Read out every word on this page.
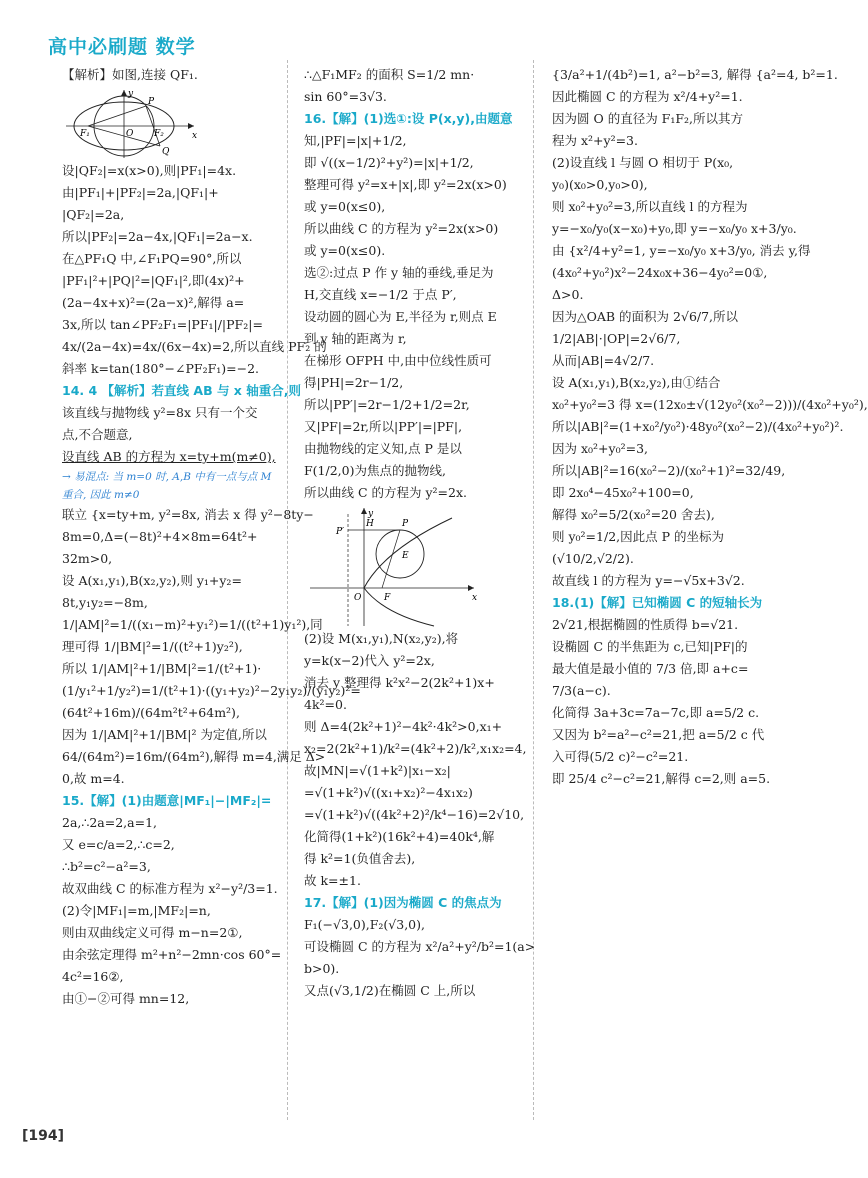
高中必刷题 数学
【解析】如图,连接 QF₁.
y
x
O
P
Q
F₁	F₂
设|QF₂|=x(x>0),则|PF₁|=4x.
由|PF₁|+|PF₂|=2a,|QF₁|+
|QF₂|=2a,
所以|PF₂|=2a−4x,|QF₁|=2a−x.
在△PF₁Q 中,∠F₁PQ=90°,所以
|PF₁|²+|PQ|²=|QF₁|²,即(4x)²+
(2a−4x+x)²=(2a−x)²,解得 a=
3x,所以 tan∠PF₂F₁=|PF₁|/|PF₂|=
4x/(2a−4x)=4x/(6x−4x)=2,所以直线 PF₂ 的
斜率 k=tan(180°−∠PF₂F₁)=−2.
14. 4 【解析】若直线 AB 与 x 轴重合,则
该直线与抛物线 y²=8x 只有一个交
点,不合题意,
设直线 AB 的方程为 x=ty+m(m≠0),
→ 易混点: 当 m=0 时, A,B 中有一点与点 M 重合, 因此 m≠0
联立 {x=ty+m, y²=8x, 消去 x 得 y²−8ty−
8m=0,Δ=(−8t)²+4×8m=64t²+
32m>0,
设 A(x₁,y₁),B(x₂,y₂),则 y₁+y₂=
8t,y₁y₂=−8m,
1/|AM|²=1/((x₁−m)²+y₁²)=1/((t²+1)y₁²),同
理可得 1/|BM|²=1/((t²+1)y₂²),
所以 1/|AM|²+1/|BM|²=1/(t²+1)·
(1/y₁²+1/y₂²)=1/(t²+1)·((y₁+y₂)²−2y₁y₂)/(y₁y₂)²=
(64t²+16m)/(64m²t²+64m²),
因为 1/|AM|²+1/|BM|² 为定值,所以
64/(64m²)=16m/(64m²),解得 m=4,满足 Δ>
0,故 m=4.
15.【解】(1)由题意|MF₁|−|MF₂|=
2a,∴2a=2,a=1,
又 e=c/a=2,∴c=2,
∴b²=c²−a²=3,
故双曲线 C 的标准方程为 x²−y²/3=1.
(2)令|MF₁|=m,|MF₂|=n,
则由双曲线定义可得 m−n=2①,
由余弦定理得 m²+n²−2mn·cos 60°=
4c²=16②,
由①−②可得 mn=12,
∴△F₁MF₂ 的面积 S=1/2 mn·
sin 60°=3√3.
16.【解】(1)选①:设 P(x,y),由题意
知,|PF|=|x|+1/2,
即 √((x−1/2)²+y²)=|x|+1/2,
整理可得 y²=x+|x|,即 y²=2x(x>0)
或 y=0(x≤0),
所以曲线 C 的方程为 y²=2x(x>0)
或 y=0(x≤0).
选②:过点 P 作 y 轴的垂线,垂足为
H,交直线 x=−1/2 于点 P′,
设动圆的圆心为 E,半径为 r,则点 E
到 y 轴的距离为 r,
在梯形 OFPH 中,由中位线性质可
得|PH|=2r−1/2,
所以|PP′|=2r−1/2+1/2=2r,
又|PF|=2r,所以|PP′|=|PF|,
由抛物线的定义知,点 P 是以
F(1/2,0)为焦点的抛物线,
所以曲线 C 的方程为 y²=2x.
y
x
O	F
H	P
P′
E
(2)设 M(x₁,y₁),N(x₂,y₂),将
y=k(x−2)代入 y²=2x,
消去 y 整理得 k²x²−2(2k²+1)x+
4k²=0.
则 Δ=4(2k²+1)²−4k²·4k²>0,x₁+
x₂=2(2k²+1)/k²=(4k²+2)/k²,x₁x₂=4,
故|MN|=√(1+k²)|x₁−x₂|
=√(1+k²)√((x₁+x₂)²−4x₁x₂)
=√(1+k²)√((4k²+2)²/k⁴−16)=2√10,
化简得(1+k²)(16k²+4)=40k⁴,解
得 k²=1(负值舍去),
故 k=±1.
17.【解】(1)因为椭圆 C 的焦点为
F₁(−√3,0),F₂(√3,0),
可设椭圆 C 的方程为 x²/a²+y²/b²=1(a>
b>0).
又点(√3,1/2)在椭圆 C 上,所以
{3/a²+1/(4b²)=1, a²−b²=3, 解得 {a²=4, b²=1.
因此椭圆 C 的方程为 x²/4+y²=1.
因为圆 O 的直径为 F₁F₂,所以其方
程为 x²+y²=3.
(2)设直线 l 与圆 O 相切于 P(x₀,
y₀)(x₀>0,y₀>0),
则 x₀²+y₀²=3,所以直线 l 的方程为
y=−x₀/y₀(x−x₀)+y₀,即 y=−x₀/y₀ x+3/y₀.
由 {x²/4+y²=1, y=−x₀/y₀ x+3/y₀, 消去 y,得
(4x₀²+y₀²)x²−24x₀x+36−4y₀²=0①,
Δ>0.
因为△OAB 的面积为 2√6/7,所以
1/2|AB|·|OP|=2√6/7,
从而|AB|=4√2/7.
设 A(x₁,y₁),B(x₂,y₂),由①结合
x₀²+y₀²=3 得 x=(12x₀±√(12y₀²(x₀²−2)))/(4x₀²+y₀²),
所以|AB|²=(1+x₀²/y₀²)·48y₀²(x₀²−2)/(4x₀²+y₀²)².
因为 x₀²+y₀²=3,
所以|AB|²=16(x₀²−2)/(x₀²+1)²=32/49,
即 2x₀⁴−45x₀²+100=0,
解得 x₀²=5/2(x₀²=20 舍去),
则 y₀²=1/2,因此点 P 的坐标为
(√10/2,√2/2).
故直线 l 的方程为 y=−√5x+3√2.
18.(1)【解】已知椭圆 C 的短轴长为
2√21,根据椭圆的性质得 b=√21.
设椭圆 C 的半焦距为 c,已知|PF|的
最大值是最小值的 7/3 倍,即 a+c=
7/3(a−c).
化简得 3a+3c=7a−7c,即 a=5/2 c.
又因为 b²=a²−c²=21,把 a=5/2 c 代
入可得(5/2 c)²−c²=21.
即 25/4 c²−c²=21,解得 c=2,则 a=5.
[194]
